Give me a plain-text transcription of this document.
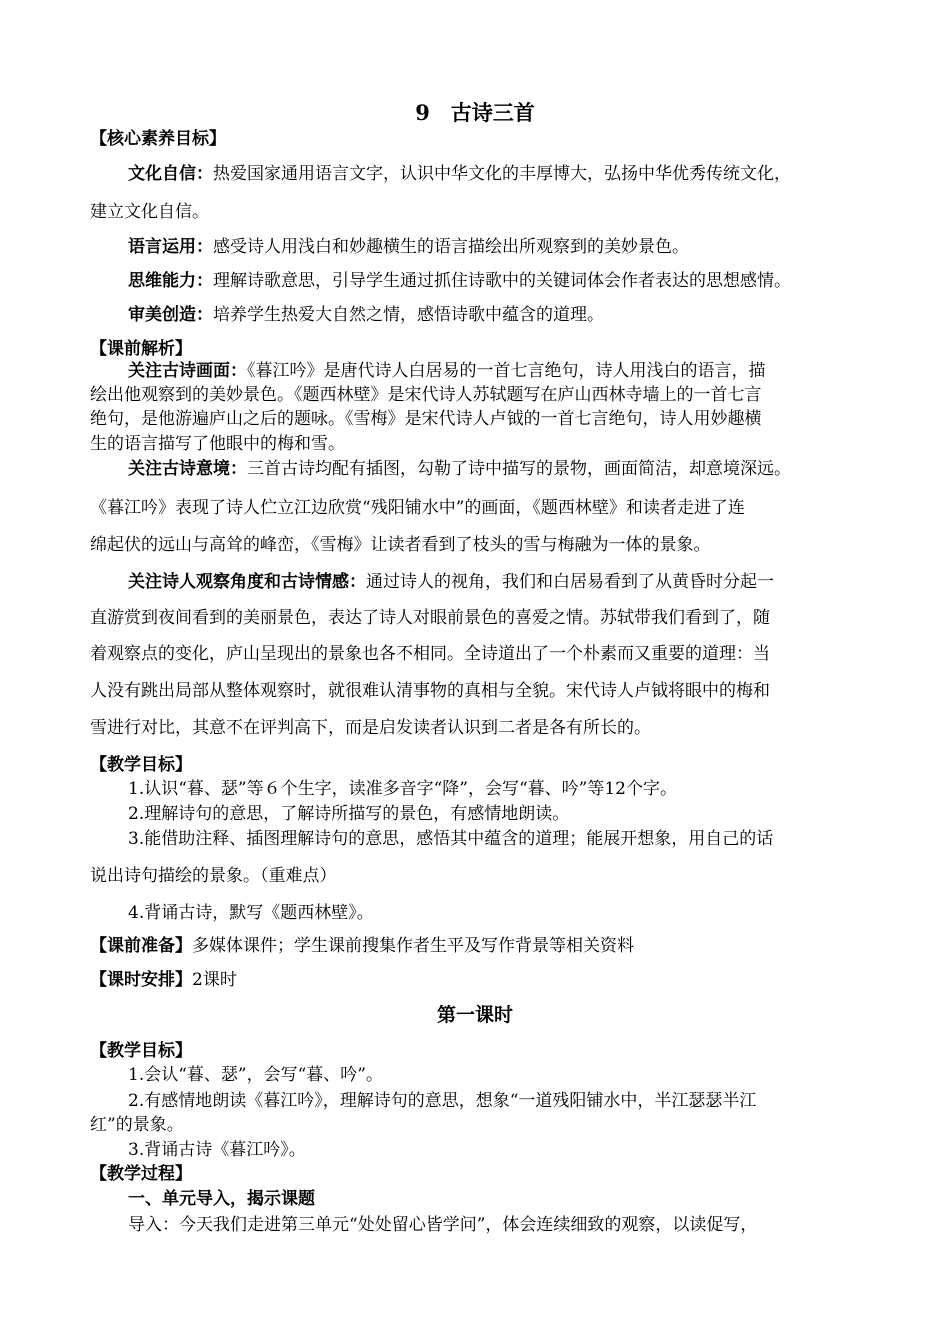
9　古诗三首
【核心素养目标】
文化自信：热爱国家通用语言文字，认识中华文化的丰厚博大，弘扬中华优秀传统文化，
建立文化自信。
语言运用：感受诗人用浅白和妙趣横生的语言描绘出所观察到的美妙景色。
思维能力：理解诗歌意思，引导学生通过抓住诗歌中的关键词体会作者表达的思想感情。
审美创造：培养学生热爱大自然之情，感悟诗歌中蕴含的道理。
【课前解析】
关注古诗画面：《暮江吟》是唐代诗人白居易的一首七言绝句，诗人用浅白的语言，描
绘出他观察到的美妙景色。《题西林壁》是宋代诗人苏轼题写在庐山西林寺墙上的一首七言
绝句，是他游遍庐山之后的题咏。《雪梅》是宋代诗人卢钺的一首七言绝句，诗人用妙趣横
生的语言描写了他眼中的梅和雪。
关注古诗意境：三首古诗均配有插图，勾勒了诗中描写的景物，画面简洁，却意境深远。
《暮江吟》表现了诗人伫立江边欣赏“残阳铺水中”的画面，《题西林壁》和读者走进了连
绵起伏的远山与高耸的峰峦，《雪梅》让读者看到了枝头的雪与梅融为一体的景象。
关注诗人观察角度和古诗情感：通过诗人的视角，我们和白居易看到了从黄昏时分起一
直游赏到夜间看到的美丽景色，表达了诗人对眼前景色的喜爱之情。苏轼带我们看到了，随
着观察点的变化，庐山呈现出的景象也各不相同。全诗道出了一个朴素而又重要的道理：当
人没有跳出局部从整体观察时，就很难认清事物的真相与全貌。宋代诗人卢钺将眼中的梅和
雪进行对比，其意不在评判高下，而是启发读者认识到二者是各有所长的。
【教学目标】
1.认识“暮、瑟”等６个生字，读准多音字“降”，会写“暮、吟”等12个字。
2.理解诗句的意思，了解诗所描写的景色，有感情地朗读。
3.能借助注释、插图理解诗句的意思，感悟其中蕴含的道理；能展开想象，用自己的话
说出诗句描绘的景象。（重难点）
4.背诵古诗，默写《题西林壁》。
【课前准备】多媒体课件；学生课前搜集作者生平及写作背景等相关资料
【课时安排】2课时
第一课时
【教学目标】
1.会认“暮、瑟”，会写“暮、吟”。
2.有感情地朗读《暮江吟》，理解诗句的意思，想象“一道残阳铺水中，半江瑟瑟半江
红”的景象。
3.背诵古诗《暮江吟》。
【教学过程】
一、单元导入，揭示课题
导入：今天我们走进第三单元“处处留心皆学问”，体会连续细致的观察，以读促写，
